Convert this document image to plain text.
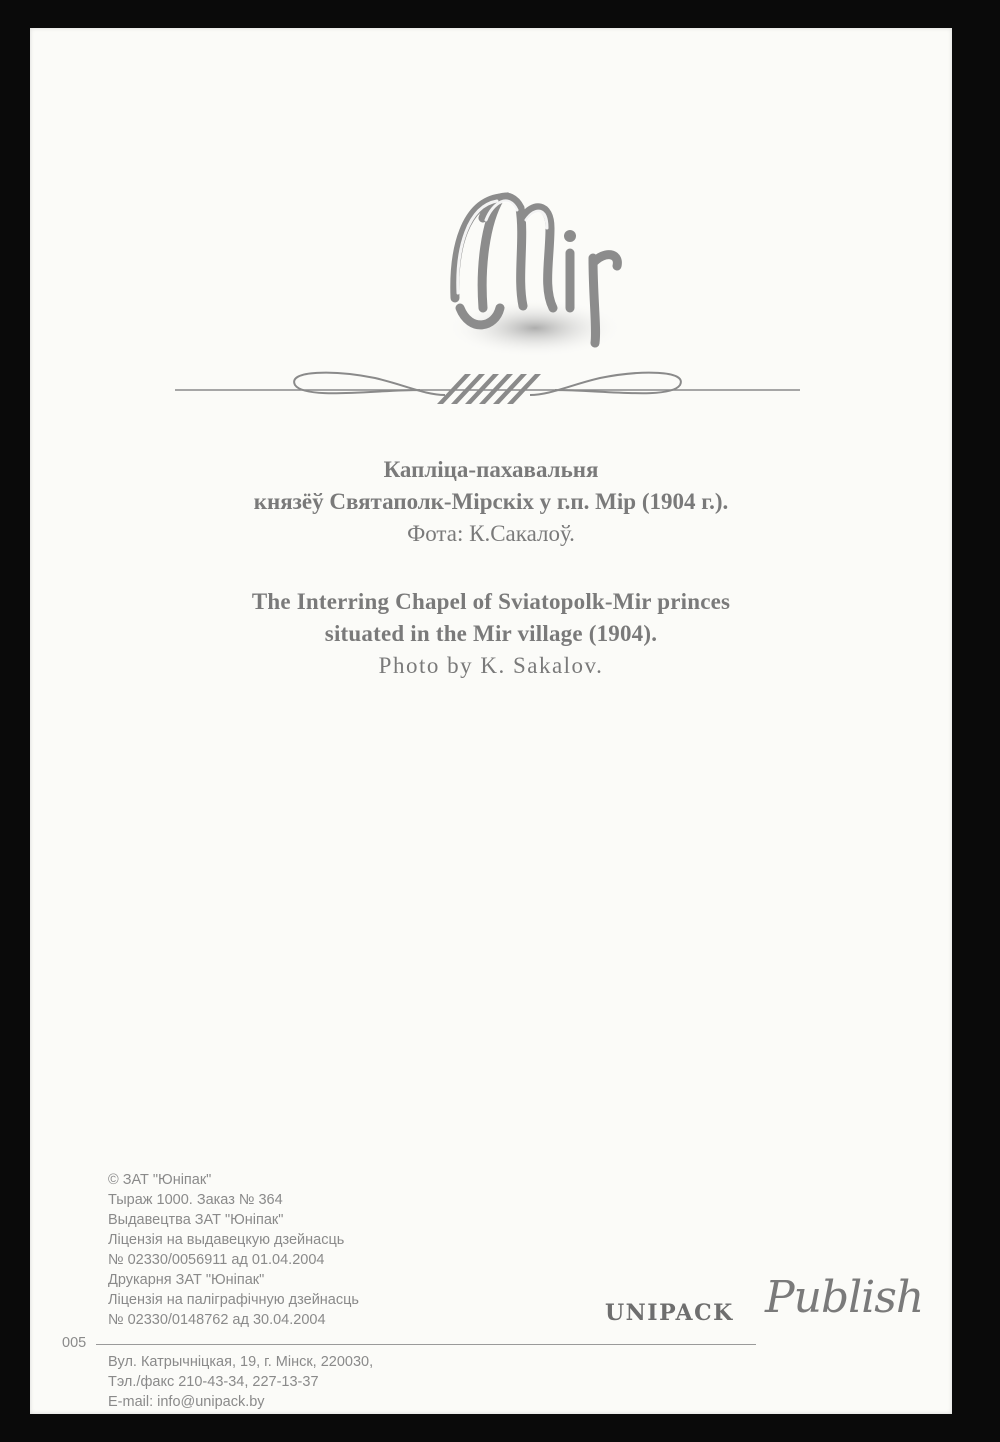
Капліца-пахавальня
князёў Святаполк-Мірскіх у г.п. Мір (1904 г.).
Фота: К.Сакалоў.
The Interring Chapel of Sviatopolk-Mir princes
situated in the Mir village (1904).
Photo by K. Sakalov.
© ЗАТ "Юніпак"
Тыраж 1000. Заказ № 364
Выдавецтва ЗАТ "Юніпак"
Ліцензія на выдавецкую дзейнасць
№ 02330/0056911 ад 01.04.2004
Друкарня ЗАТ "Юніпак"
Ліцензія на паліграфічную дзейнасць
№ 02330/0148762 ад 30.04.2004
005
Вул. Катрычніцкая, 19, г. Мінск, 220030,
Тэл./факс 210-43-34, 227-13-37
E-mail: info@unipack.by
UNIPACK Publish
